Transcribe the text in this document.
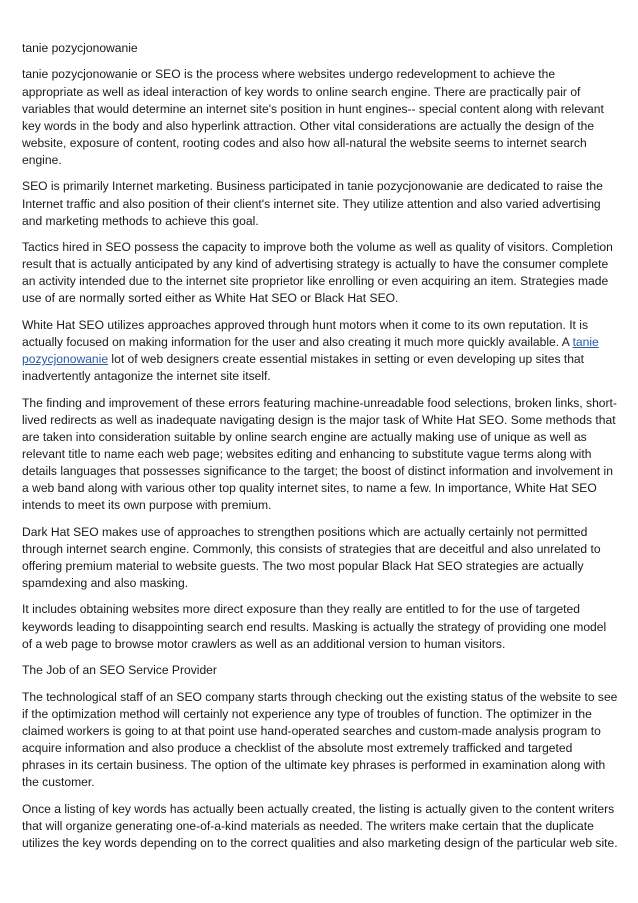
tanie pozycjonowanie

tanie pozycjonowanie or SEO is the process where websites undergo redevelopment to achieve the appropriate as well as ideal interaction of key words to online search engine. There are practically pair of variables that would determine an internet site's position in hunt engines-- special content along with relevant key words in the body and also hyperlink attraction. Other vital considerations are actually the design of the website, exposure of content, rooting codes and also how all-natural the website seems to internet search engine.

SEO is primarily Internet marketing. Business participated in tanie pozycjonowanie are dedicated to raise the Internet traffic and also position of their client's internet site. They utilize attention and also varied advertising and marketing methods to achieve this goal.

Tactics hired in SEO possess the capacity to improve both the volume as well as quality of visitors. Completion result that is actually anticipated by any kind of advertising strategy is actually to have the consumer complete an activity intended due to the internet site proprietor like enrolling or even acquiring an item. Strategies made use of are normally sorted either as White Hat SEO or Black Hat SEO.

White Hat SEO utilizes approaches approved through hunt motors when it come to its own reputation. It is actually focused on making information for the user and also creating it much more quickly available. A tanie pozycjonowanie lot of web designers create essential mistakes in setting or even developing up sites that inadvertently antagonize the internet site itself.

The finding and improvement of these errors featuring machine-unreadable food selections, broken links, short-lived redirects as well as inadequate navigating design is the major task of White Hat SEO. Some methods that are taken into consideration suitable by online search engine are actually making use of unique as well as relevant title to name each web page; websites editing and enhancing to substitute vague terms along with details languages that possesses significance to the target; the boost of distinct information and involvement in a web band along with various other top quality internet sites, to name a few. In importance, White Hat SEO intends to meet its own purpose with premium.

Dark Hat SEO makes use of approaches to strengthen positions which are actually certainly not permitted through internet search engine. Commonly, this consists of strategies that are deceitful and also unrelated to offering premium material to website guests. The two most popular Black Hat SEO strategies are actually spamdexing and also masking.

It includes obtaining websites more direct exposure than they really are entitled to for the use of targeted keywords leading to disappointing search end results. Masking is actually the strategy of providing one model of a web page to browse motor crawlers as well as an additional version to human visitors.

The Job of an SEO Service Provider

The technological staff of an SEO company starts through checking out the existing status of the website to see if the optimization method will certainly not experience any type of troubles of function. The optimizer in the claimed workers is going to at that point use hand-operated searches and custom-made analysis program to acquire information and also produce a checklist of the absolute most extremely trafficked and targeted phrases in its certain business. The option of the ultimate key phrases is performed in examination along with the customer.

Once a listing of key words has actually been actually created, the listing is actually given to the content writers that will organize generating one-of-a-kind materials as needed. The writers make certain that the duplicate utilizes the key words depending on to the correct qualities and also marketing design of the particular web site.
